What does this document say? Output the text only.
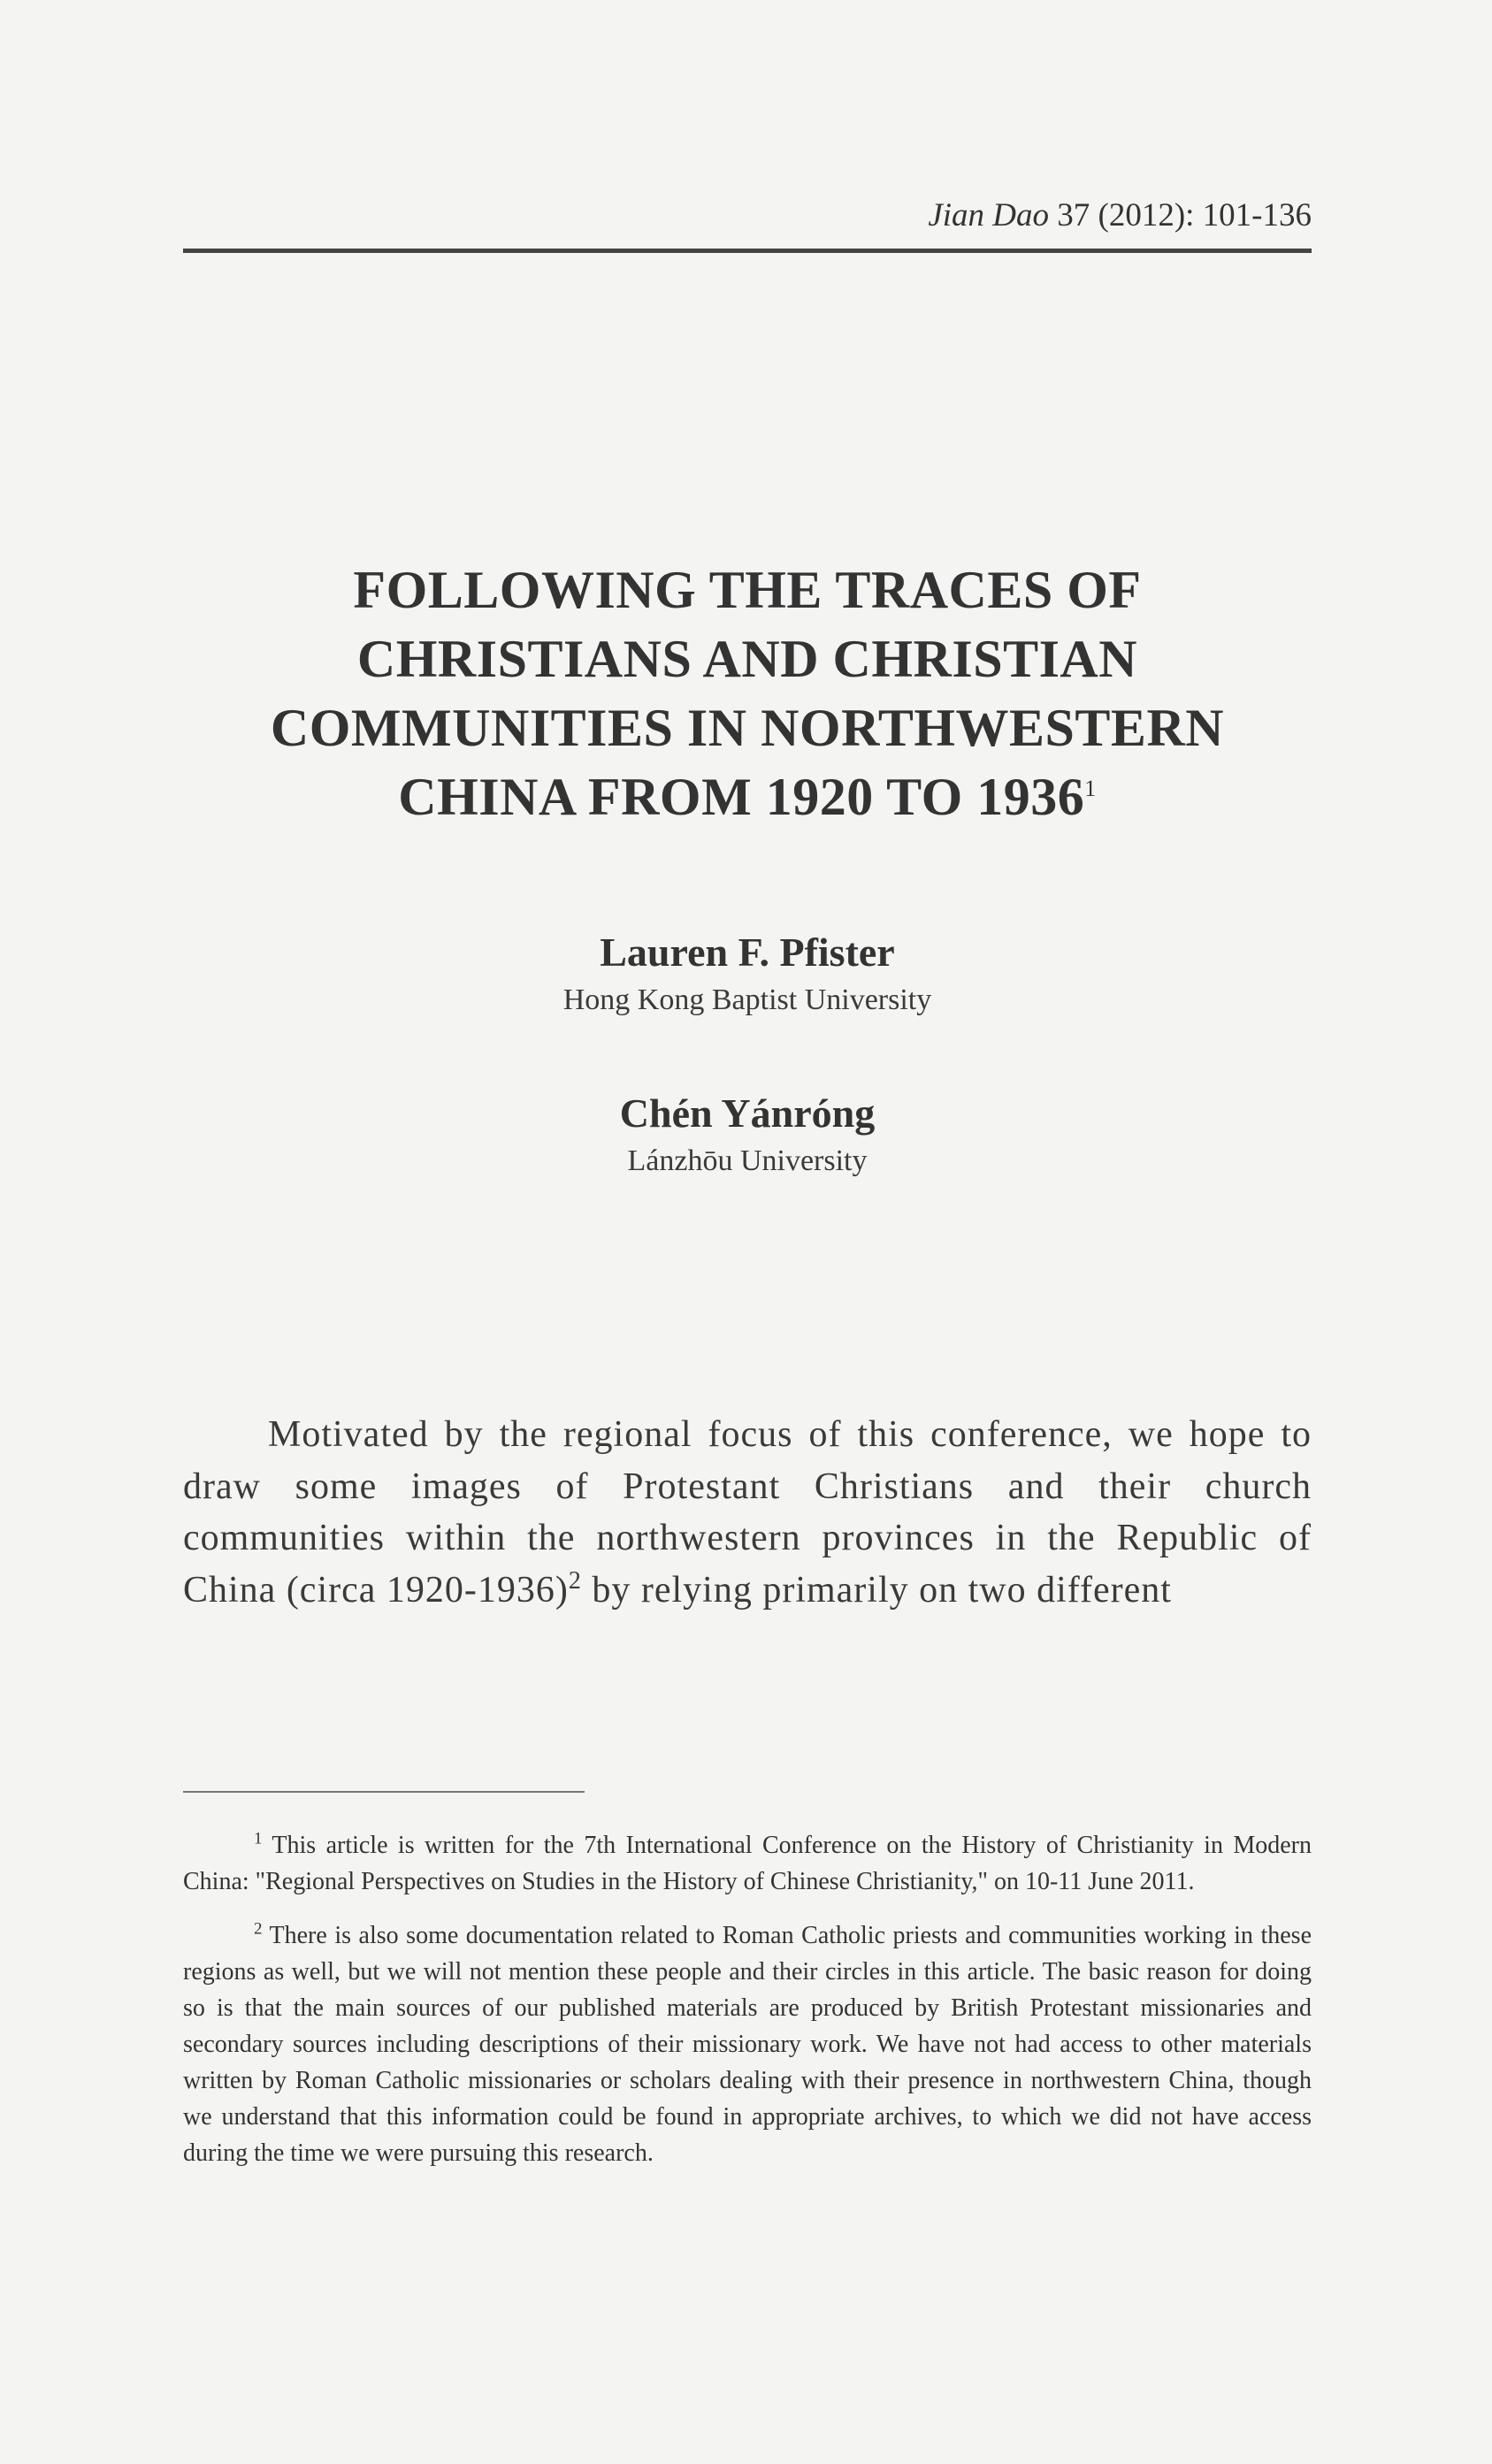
Jian Dao 37 (2012): 101-136
FOLLOWING THE TRACES OF
CHRISTIANS AND CHRISTIAN
COMMUNITIES IN NORTHWESTERN
CHINA FROM 1920 TO 1936$^1$
Lauren F. Pfister
Hong Kong Baptist University
Chén Yánróng
Lánzhōu University

Motivated by the regional focus of this conference, we hope to draw some images of Protestant Christians and their church communities within the northwestern provinces in the Republic of China (circa 1920-1936)$^2$ by relying primarily on two different

$^1$ This article is written for the 7th International Conference on the History of Christianity in Modern China: "Regional Perspectives on Studies in the History of Chinese Christianity," on 10-11 June 2011.

$^2$ There is also some documentation related to Roman Catholic priests and communities working in these regions as well, but we will not mention these people and their circles in this article. The basic reason for doing so is that the main sources of our published materials are produced by British Protestant missionaries and secondary sources including descriptions of their missionary work. We have not had access to other materials written by Roman Catholic missionaries or scholars dealing with their presence in northwestern China, though we understand that this information could be found in appropriate archives, to which we did not have access during the time we were pursuing this research.
